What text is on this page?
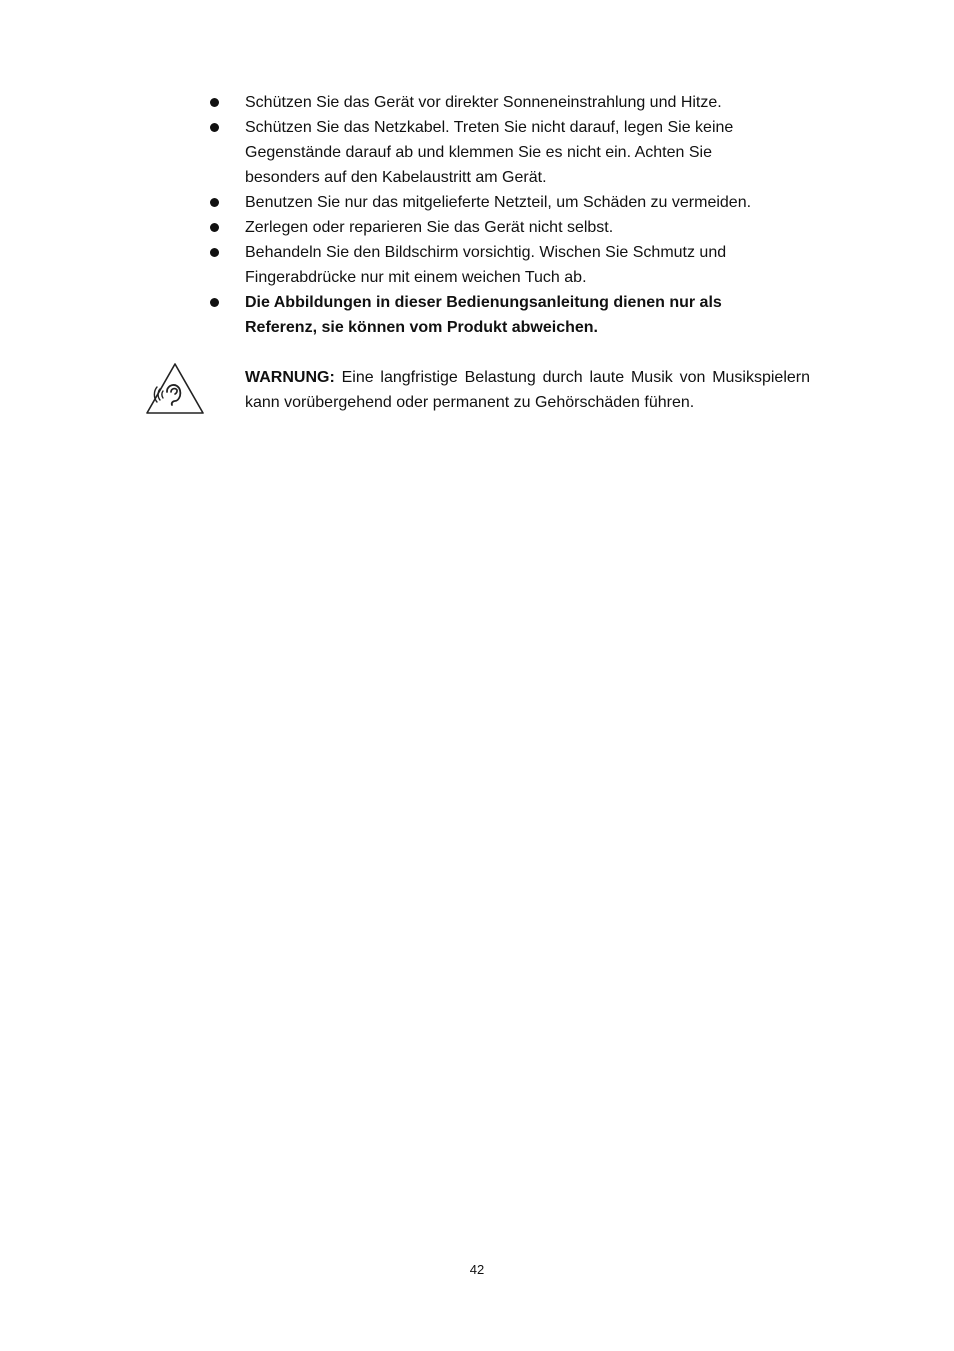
Schützen Sie das Gerät vor direkter Sonneneinstrahlung und Hitze.
Schützen Sie das Netzkabel. Treten Sie nicht darauf, legen Sie keine Gegenstände darauf ab und klemmen Sie es nicht ein. Achten Sie besonders auf den Kabelaustritt am Gerät.
Benutzen Sie nur das mitgelieferte Netzteil, um Schäden zu vermeiden.
Zerlegen oder reparieren Sie das Gerät nicht selbst.
Behandeln Sie den Bildschirm vorsichtig. Wischen Sie Schmutz und Fingerabdrücke nur mit einem weichen Tuch ab.
Die Abbildungen in dieser Bedienungsanleitung dienen nur als Referenz, sie können vom Produkt abweichen.

WARNUNG: Eine langfristige Belastung durch laute Musik von Musikspielern kann vorübergehend oder permanent zu Gehörschäden führen.

42
